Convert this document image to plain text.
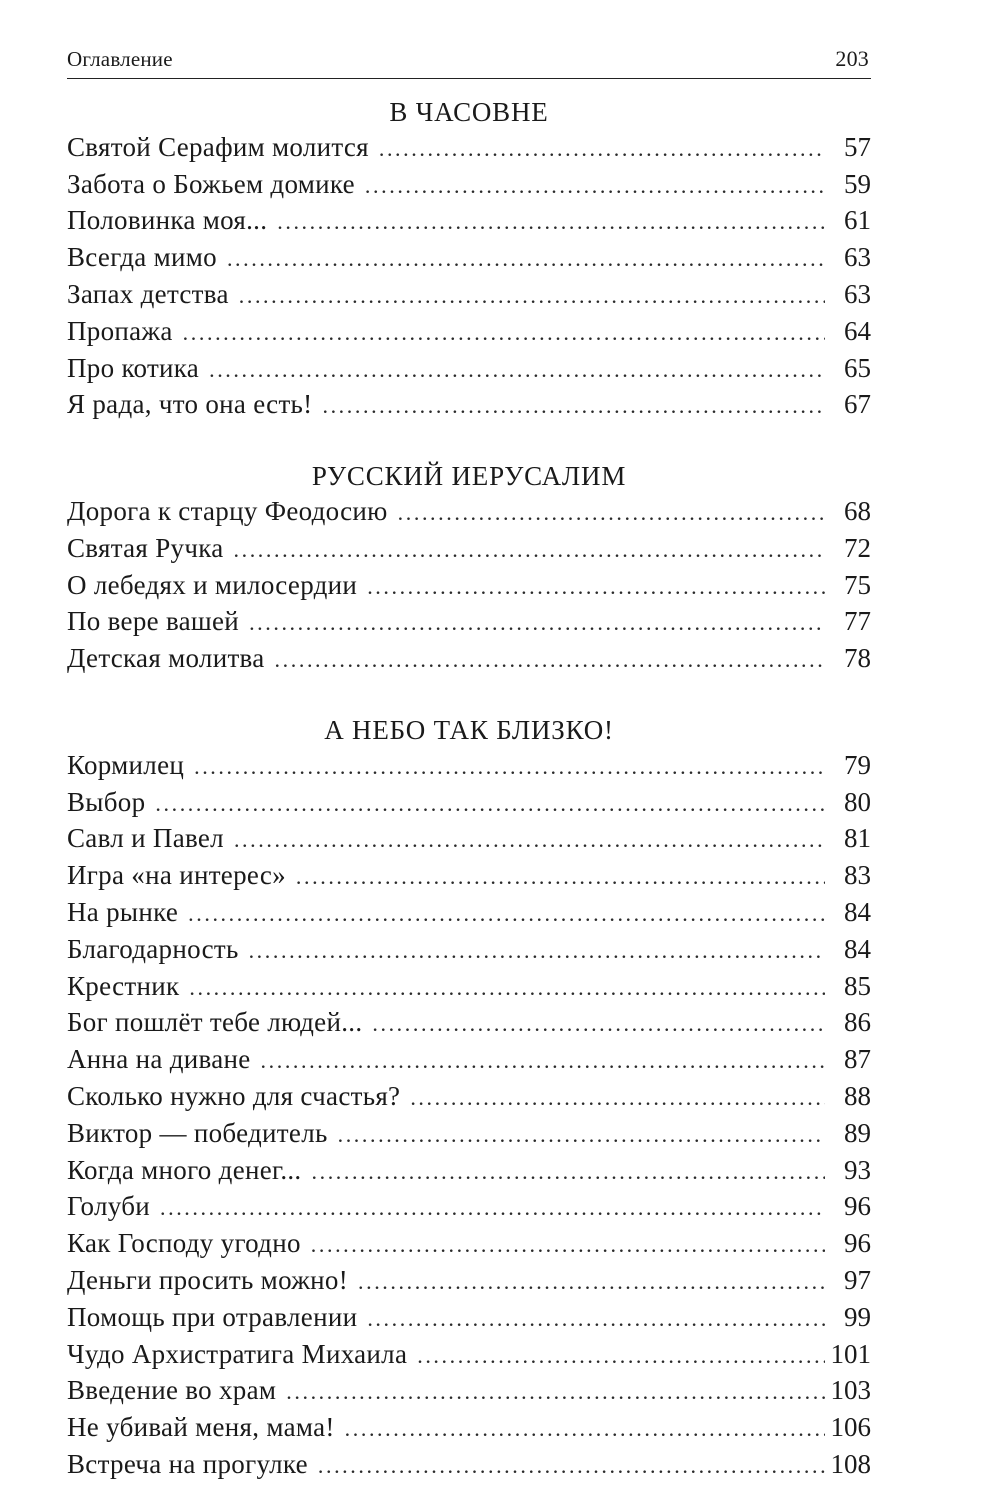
Оглавление	203
В ЧАСОВНЕ
Святой Серафим молится .....	57
Забота о Божьем домике .....	59
Половинка моя... .....	61
Всегда мимо .....	63
Запах детства .....	63
Пропажа .....	64
Про котика .....	65
Я рада, что она есть! .....	67
РУССКИЙ ИЕРУСАЛИМ
Дорога к старцу Феодосию .....	68
Святая Ручка .....	72
О лебедях и милосердии .....	75
По вере вашей .....	77
Детская молитва .....	78
А НЕБО ТАК БЛИЗКО!
Кормилец .....	79
Выбор .....	80
Савл и Павел .....	81
Игра «на интерес» .....	83
На рынке .....	84
Благодарность .....	84
Крестник .....	85
Бог пошлёт тебе людей... .....	86
Анна на диване .....	87
Сколько нужно для счастья? .....	88
Виктор — победитель .....	89
Когда много денег... .....	93
Голуби .....	96
Как Господу угодно .....	96
Деньги просить можно! .....	97
Помощь при отравлении .....	99
Чудо Архистратига Михаила .....	101
Введение во храм .....	103
Не убивай меня, мама! .....	106
Встреча на прогулке .....	108
